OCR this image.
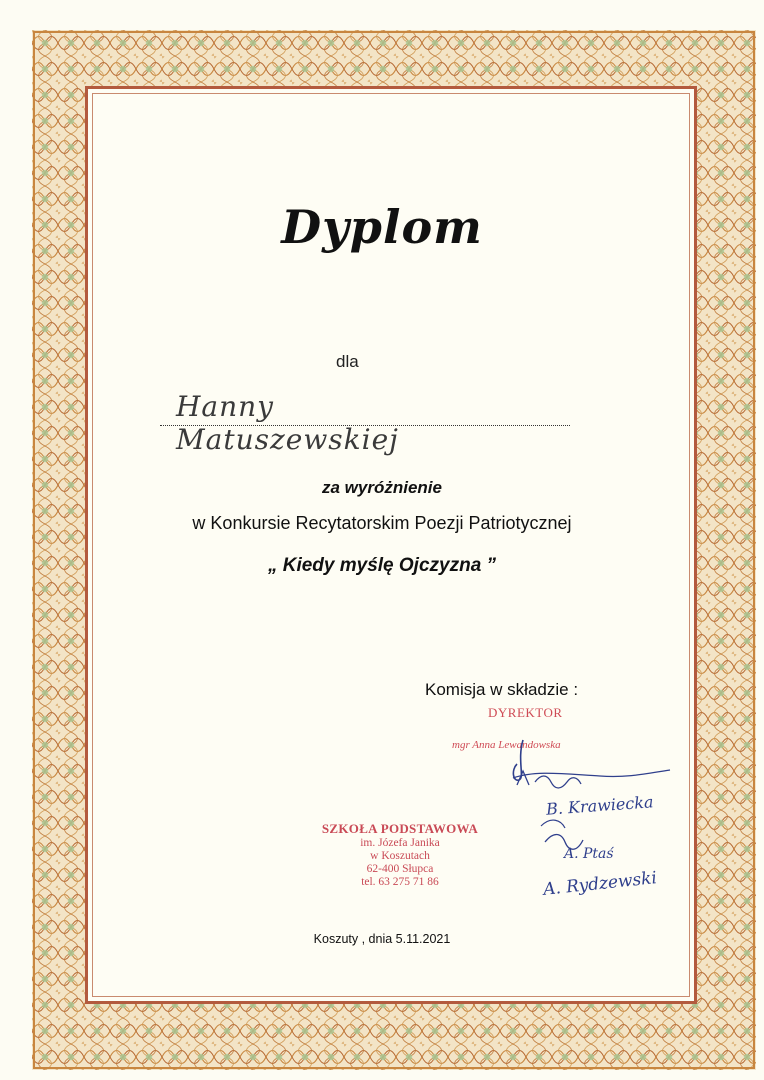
Dyplom
dla
Hanny Matuszewskiej
za wyróżnienie
w Konkursie Recytatorskim Poezji Patriotycznej
„ Kiedy myślę Ojczyzna ”
Komisja w składzie :
DYREKTOR
mgr Anna Lewandowska
B. Krawiecka
A. Ptaś
A. Rydzewski
SZKOŁA PODSTAWOWA
im. Józefa Janika
w Koszutach
62-400 Słupca
tel. 63 275 71 86
Koszuty , dnia 5.11.2021
